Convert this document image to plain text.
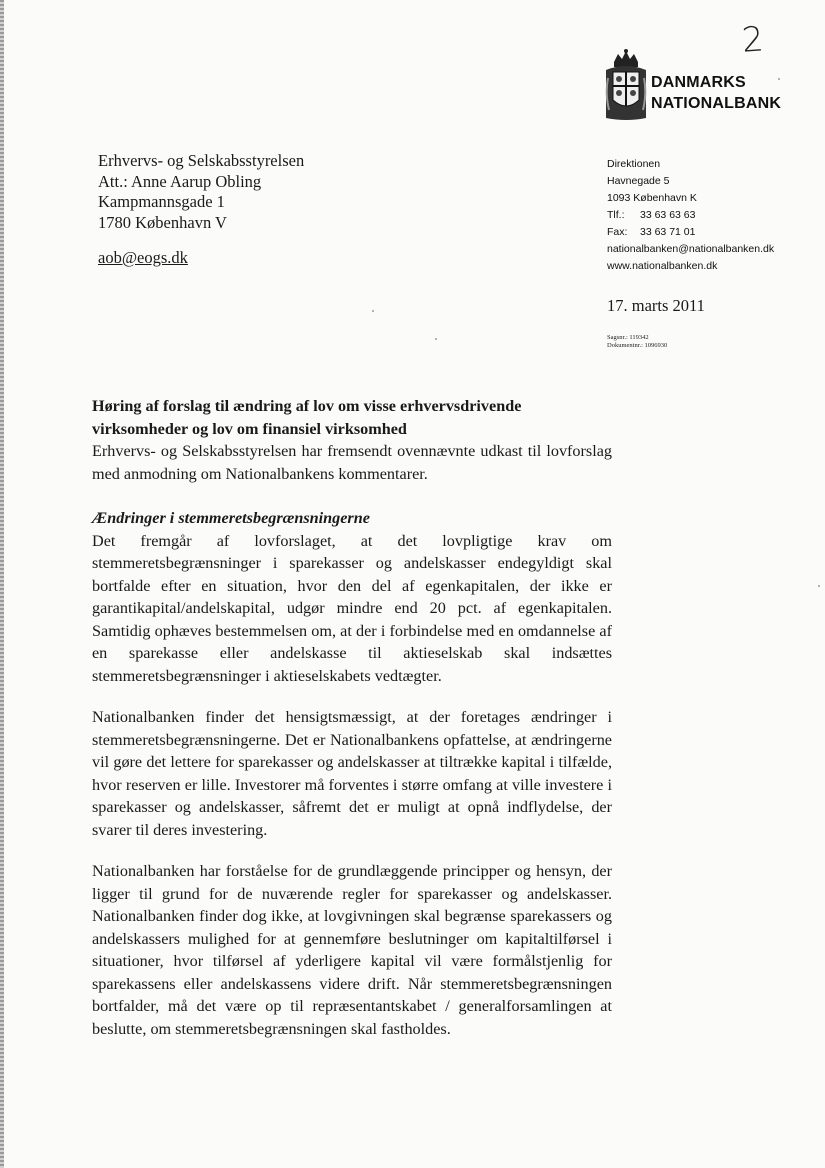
2
DANMARKS
NATIONALBANK
Erhvervs- og Selskabsstyrelsen
Att.: Anne Aarup Obling
Kampmannsgade 1
1780 København V
aob@eogs.dk
Direktionen
Havnegade 5
1093 København K
Tlf.: 33 63 63 63
Fax: 33 63 71 01
nationalbanken@nationalbanken.dk
www.nationalbanken.dk
17. marts 2011
Sagsnr.: 119342
Dokumentnr.: 1096930

Høring af forslag til ændring af lov om visse erhvervsdrivende virksomheder og lov om finansiel virksomhed

Erhvervs- og Selskabsstyrelsen har fremsendt ovennævnte udkast til lovforslag med anmodning om Nationalbankens kommentarer.

Ændringer i stemmeretsbegrænsningerne

Det fremgår af lovforslaget, at det lovpligtige krav om stemmeretsbegrænsninger i sparekasser og andelskasser endegyldigt skal bortfalde efter en situation, hvor den del af egenkapitalen, der ikke er garantikapital/andelskapital, udgør mindre end 20 pct. af egenkapitalen. Samtidig ophæves bestemmelsen om, at der i forbindelse med en omdannelse af en sparekasse eller andelskasse til aktieselskab skal indsættes stemmeretsbegrænsninger i aktieselskabets vedtægter.

Nationalbanken finder det hensigtsmæssigt, at der foretages ændringer i stemmeretsbegrænsningerne. Det er Nationalbankens opfattelse, at ændringerne vil gøre det lettere for sparekasser og andelskasser at tiltrække kapital i tilfælde, hvor reserven er lille. Investorer må forventes i større omfang at ville investere i sparekasser og andelskasser, såfremt det er muligt at opnå indflydelse, der svarer til deres investering.

Nationalbanken har forståelse for de grundlæggende principper og hensyn, der ligger til grund for de nuværende regler for sparekasser og andelskasser. Nationalbanken finder dog ikke, at lovgivningen skal begrænse sparekassers og andelskassers mulighed for at gennemføre beslutninger om kapitaltilførsel i situationer, hvor tilførsel af yderligere kapital vil være formålstjenlig for sparekassens eller andelskassens videre drift. Når stemmeretsbegrænsningen bortfalder, må det være op til repræsentantskabet / generalforsamlingen at beslutte, om stemmeretsbegrænsningen skal fastholdes.
